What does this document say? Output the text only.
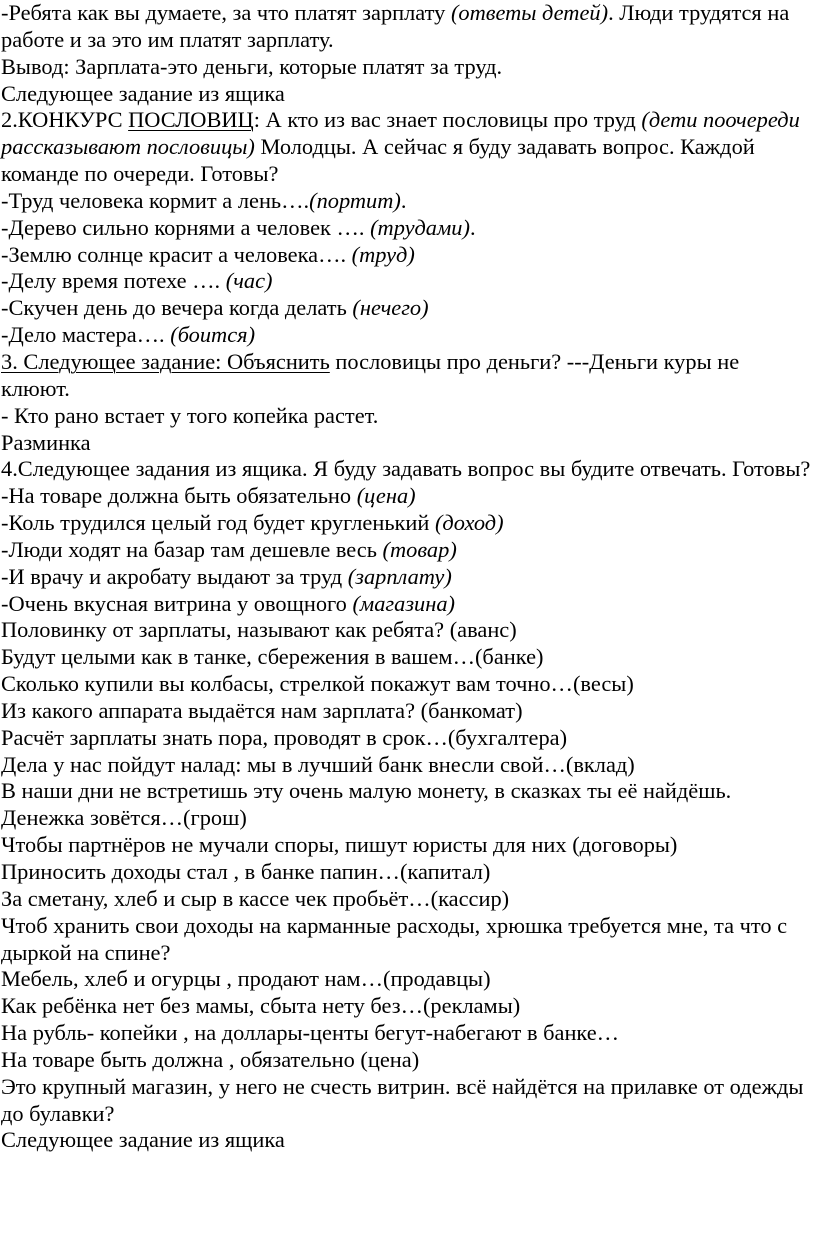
-Ребята как вы думаете, за что платят зарплату (ответы детей). Люди трудятся на работе и за это им платят зарплату.

Вывод: Зарплата-это деньги, которые платят за труд.

Следующее задание из ящика

2.КОНКУРС ПОСЛОВИЦ: А кто из вас знает пословицы про труд (дети поочереди рассказывают пословицы) Молодцы. А сейчас я буду задавать вопрос. Каждой команде по очереди. Готовы?

-Труд человека кормит а лень….(портит).

-Дерево сильно корнями а человек …. (трудами).

-Землю солнце красит а человека…. (труд)

-Делу время потехе …. (час)

-Скучен день до вечера когда делать (нечего)

-Дело мастера…. (боится)

3. Следующее задание: Объяснить пословицы про деньги? ---Деньги куры не клюют.

- Кто рано встает у того копейка растет.

Разминка

4.Следующее задания из ящика. Я буду задавать вопрос вы будите отвечать. Готовы?

-На товаре должна быть обязательно (цена)

-Коль трудился целый год будет кругленький (доход)

-Люди ходят на базар там дешевле весь (товар)

-И врачу и акробату выдают за труд (зарплату)

-Очень вкусная витрина у овощного (магазина)

Половинку от зарплаты, называют как ребята? (аванс)

Будут целыми как в танке, сбережения в вашем…(банке)

Сколько купили вы колбасы, стрелкой покажут вам точно…(весы)

Из какого аппарата выдаётся нам зарплата? (банкомат)

Расчёт зарплаты знать пора, проводят в срок…(бухгалтера)

Дела у нас пойдут налад: мы в лучший банк внесли свой…(вклад)

В наши дни не встретишь эту очень малую монету, в сказках ты её найдёшь. Денежка зовётся…(грош)

Чтобы партнёров не мучали споры, пишут юристы для них (договоры)

Приносить доходы стал , в банке папин…(капитал)

За сметану, хлеб и сыр в кассе чек пробьёт…(кассир)

Чтоб хранить свои доходы на карманные расходы, хрюшка требуется мне, та что с дыркой на спине?

Мебель, хлеб и огурцы , продают нам…(продавцы)

Как ребёнка нет без мамы, сбыта нету без…(рекламы)

На рубль- копейки , на доллары-центы бегут-набегают в банке…

На товаре быть должна , обязательно (цена)

Это крупный магазин, у него не счесть витрин. всё найдётся на прилавке от одежды до булавки?

Следующее задание из ящика
